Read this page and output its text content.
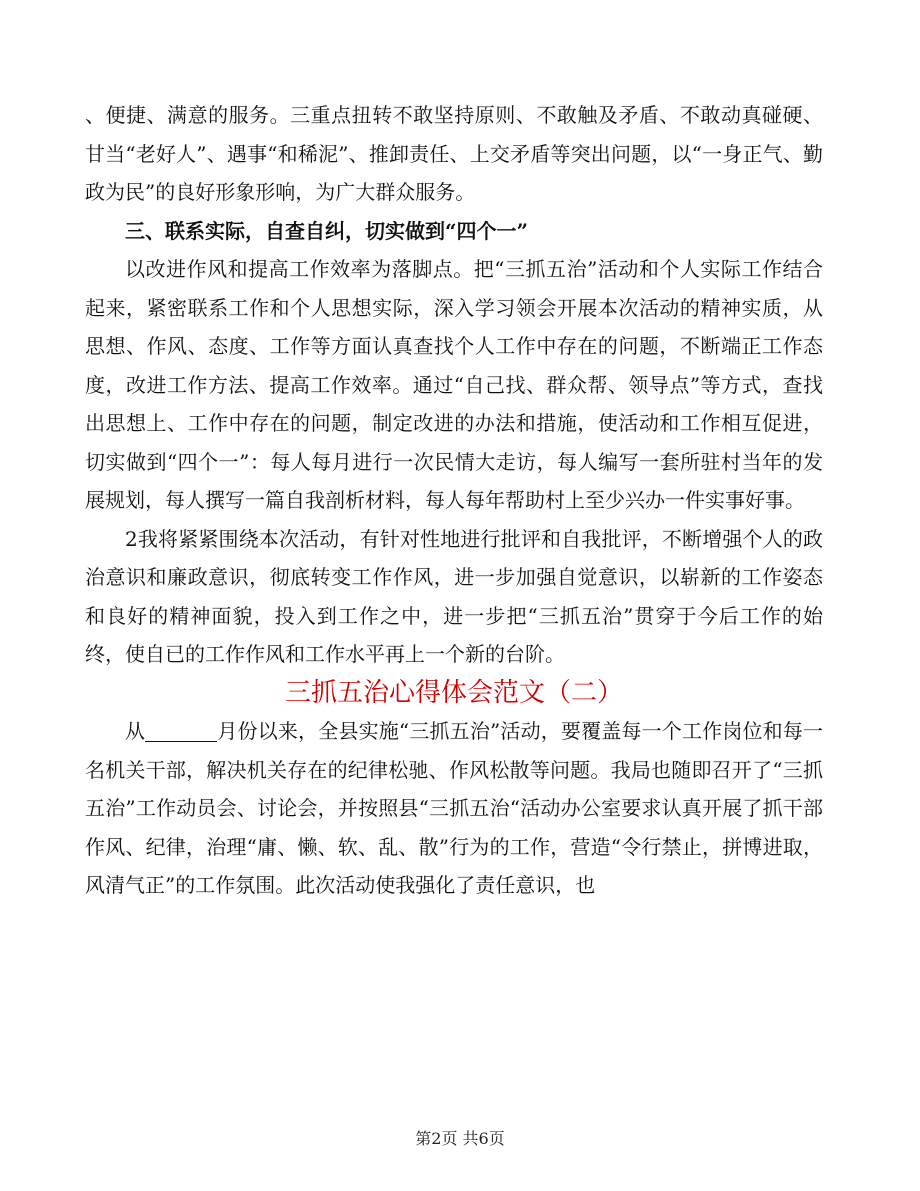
、便捷、满意的服务。三重点扭转不敢坚持原则、不敢触及矛盾、不敢动真碰硬、甘当“老好人”、遇事“和稀泥”、推卸责任、上交矛盾等突出问题，以“一身正气、勤政为民”的良好形象形响，为广大群众服务。

三、联系实际，自查自纠，切实做到“四个一”

以改进作风和提高工作效率为落脚点。把“三抓五治”活动和个人实际工作结合起来，紧密联系工作和个人思想实际，深入学习领会开展本次活动的精神实质，从思想、作风、态度、工作等方面认真查找个人工作中存在的问题，不断端正工作态度，改进工作方法、提高工作效率。通过“自己找、群众帮、领导点”等方式，查找出思想上、工作中存在的问题，制定改进的办法和措施，使活动和工作相互促进，切实做到“四个一”：每人每月进行一次民情大走访，每人编写一套所驻村当年的发展规划，每人撰写一篇自我剖析材料，每人每年帮助村上至少兴办一件实事好事。

2我将紧紧围绕本次活动，有针对性地进行批评和自我批评，不断增强个人的政治意识和廉政意识，彻底转变工作作风，进一步加强自觉意识，以崭新的工作姿态和良好的精神面貌，投入到工作之中，进一步把“三抓五治”贯穿于今后工作的始终，使自已的工作作风和工作水平再上一个新的台阶。

三抓五治心得体会范文（二）

从	月份以来，全县实施“三抓五治”活动，要覆盖每一个工作岗位和每一名机关干部，解决机关存在的纪律松驰、作风松散等问题。我局也随即召开了“三抓五治”工作动员会、讨论会，并按照县“三抓五治“活动办公室要求认真开展了抓干部作风、纪律，治理“庸、懒、软、乱、散”行为的工作，营造“令行禁止，拼博进取，风清气正”的工作氛围。此次活动使我强化了责任意识，也

第2页 共6页
